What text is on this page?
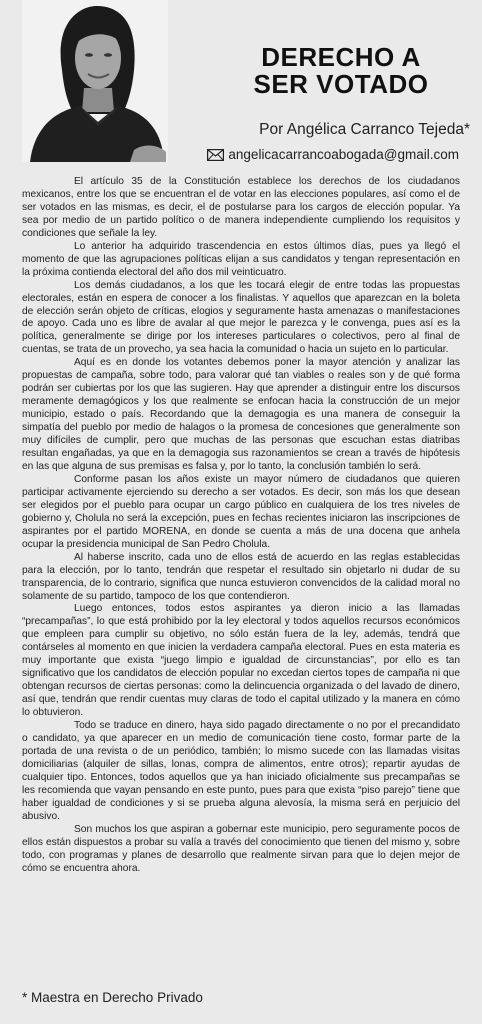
DERECHO A
SER VOTADO
Por Angélica Carranco Tejeda*
angelicacarrancoabogada@gmail.com

El artículo 35 de la Constitución establece los derechos de los ciudadanos mexicanos, entre los que se encuentran el de votar en las elecciones populares, así como el de ser votados en las mismas, es decir, el de postularse para los cargos de elección popular. Ya sea por medio de un partido político o de manera independiente cumpliendo los requisitos y condiciones que señale la ley.

Lo anterior ha adquirido trascendencia en estos últimos días, pues ya llegó el momento de que las agrupaciones políticas elijan a sus candidatos y tengan representación en la próxima contienda electoral del año dos mil veinticuatro.

Los demás ciudadanos, a los que les tocará elegir de entre todas las propuestas electorales, están en espera de conocer a los finalistas. Y aquellos que aparezcan en la boleta de elección serán objeto de críticas, elogios y seguramente hasta amenazas o manifestaciones de apoyo. Cada uno es libre de avalar al que mejor le parezca y le convenga, pues así es la política, generalmente se dirige por los intereses particulares o colectivos, pero al final de cuentas, se trata de un provecho, ya sea hacia la comunidad o hacia un sujeto en lo particular.

Aquí es en donde los votantes debemos poner la mayor atención y analizar las propuestas de campaña, sobre todo, para valorar qué tan viables o reales son y de qué forma podrán ser cubiertas por los que las sugieren. Hay que aprender a distinguir entre los discursos meramente demagógicos y los que realmente se enfocan hacia la construcción de un mejor municipio, estado o país. Recordando que la demagogia es una manera de conseguir la simpatía del pueblo por medio de halagos o la promesa de concesiones que generalmente son muy difíciles de cumplir, pero que muchas de las personas que escuchan estas diatribas resultan engañadas, ya que en la demagogia sus razonamientos se crean a través de hipótesis en las que alguna de sus premisas es falsa y, por lo tanto, la conclusión también lo será.

Conforme pasan los años existe un mayor número de ciudadanos que quieren participar activamente ejerciendo su derecho a ser votados. Es decir, son más los que desean ser elegidos por el pueblo para ocupar un cargo público en cualquiera de los tres niveles de gobierno y, Cholula no será la excepción, pues en fechas recientes iniciaron las inscripciones de aspirantes por el partido MORENA, en donde se cuenta a más de una docena que anhela ocupar la presidencia municipal de San Pedro Cholula.

Al haberse inscrito, cada uno de ellos está de acuerdo en las reglas establecidas para la elección, por lo tanto, tendrán que respetar el resultado sin objetarlo ni dudar de su transparencia, de lo contrario, significa que nunca estuvieron convencidos de la calidad moral no solamente de su partido, tampoco de los que contendieron.

Luego entonces, todos estos aspirantes ya dieron inicio a las llamadas “precampañas”, lo que está prohibido por la ley electoral y todos aquellos recursos económicos que empleen para cumplir su objetivo, no sólo están fuera de la ley, además, tendrá que contárseles al momento en que inicien la verdadera campaña electoral. Pues en esta materia es muy importante que exista “juego limpio e igualdad de circunstancias”, por ello es tan significativo que los candidatos de elección popular no excedan ciertos topes de campaña ni que obtengan recursos de ciertas personas: como la delincuencia organizada o del lavado de dinero, así que, tendrán que rendir cuentas muy claras de todo el capital utilizado y la manera en cómo lo obtuvieron.

Todo se traduce en dinero, haya sido pagado directamente o no por el precandidato o candidato, ya que aparecer en un medio de comunicación tiene costo, formar parte de la portada de una revista o de un periódico, también; lo mismo sucede con las llamadas visitas domiciliarias (alquiler de sillas, lonas, compra de alimentos, entre otros); repartir ayudas de cualquier tipo. Entonces, todos aquellos que ya han iniciado oficialmente sus precampañas se les recomienda que vayan pensando en este punto, pues para que exista “piso parejo” tiene que haber igualdad de condiciones y si se prueba alguna alevosía, la misma será en perjuicio del abusivo.

Son muchos los que aspiran a gobernar este municipio, pero seguramente pocos de ellos están dispuestos a probar su valía a través del conocimiento que tienen del mismo y, sobre todo, con programas y planes de desarrollo que realmente sirvan para que lo dejen mejor de cómo se encuentra ahora.

* Maestra en Derecho Privado
